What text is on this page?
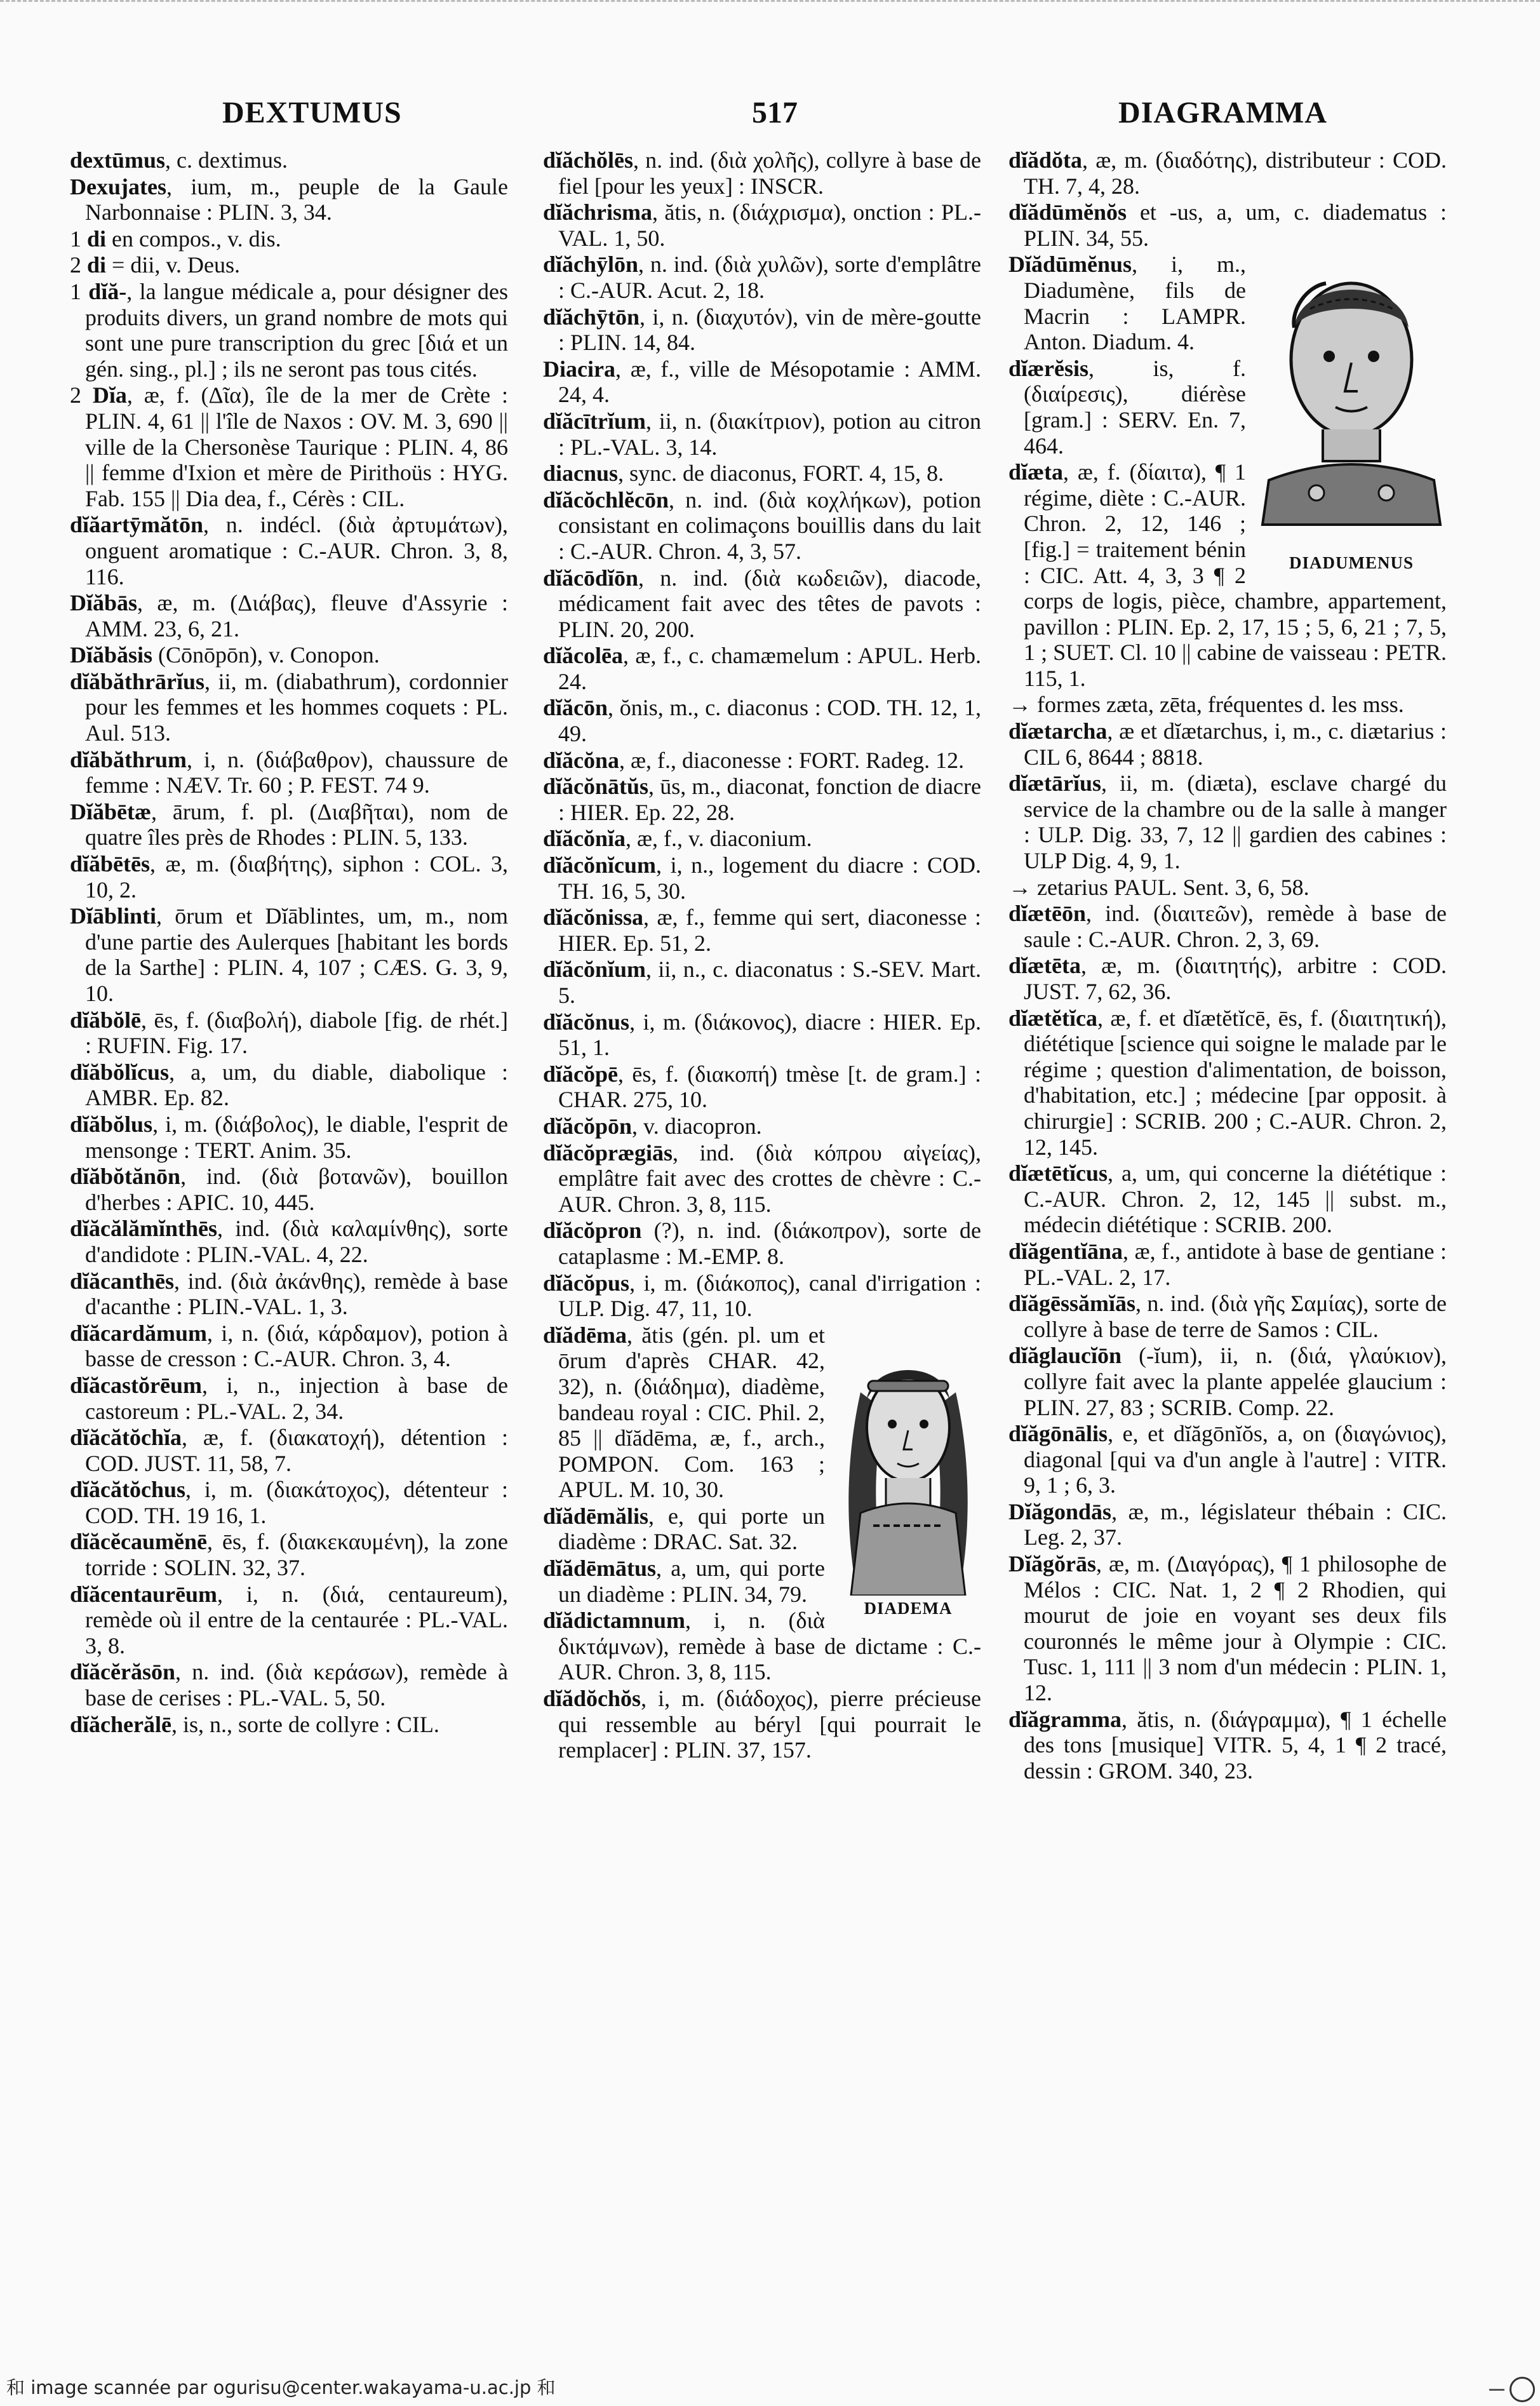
DEXTUMUS	517	DIAGRAMMA

dextūmus, c. dextimus.

Dexujates, ium, m., peuple de la Gaule Narbonnaise : PLIN. 3, 34.

1 di en compos., v. dis.

2 di = dii, v. Deus.

1 dĭă-, la langue médicale a, pour désigner des produits divers, un grand nombre de mots qui sont une pure transcription du grec [διά et un gén. sing., pl.] ; ils ne seront pas tous cités.

2 Dĭa, æ, f. (Δῖα), île de la mer de Crète : PLIN. 4, 61 || l'île de Naxos : OV. M. 3, 690 || ville de la Chersonèse Taurique : PLIN. 4, 86 || femme d'Ixion et mère de Pirithoüs : HYG. Fab. 155 || Dia dea, f., Cérès : CIL.

dĭăartȳmătōn, n. indécl. (διὰ ἀρτυμάτων), onguent aromatique : C.-AUR. Chron. 3, 8, 116.

Dĭăbās, æ, m. (Διάβας), fleuve d'Assyrie : AMM. 23, 6, 21.

Dĭăbăsis (Cōnōpōn), v. Conopon.

dĭăbăthrārĭus, ii, m. (diabathrum), cordonnier pour les femmes et les hommes coquets : PL. Aul. 513.

dĭăbăthrum, i, n. (διάβαθρον), chaussure de femme : NÆV. Tr. 60 ; P. FEST. 74 9.

Dĭăbētæ, ārum, f. pl. (Διαβῆται), nom de quatre îles près de Rhodes : PLIN. 5, 133.

dĭăbētēs, æ, m. (διαβήτης), siphon : COL. 3, 10, 2.

Dĭāblinti, ōrum et Dĭāblintes, um, m., nom d'une partie des Aulerques [habitant les bords de la Sarthe] : PLIN. 4, 107 ; CÆS. G. 3, 9, 10.

dĭăbŏlē, ēs, f. (διαβολή), diabole [fig. de rhét.] : RUFIN. Fig. 17.

dĭăbŏlĭcus, a, um, du diable, diabolique : AMBR. Ep. 82.

dĭăbŏlus, i, m. (διάβολος), le diable, l'esprit de mensonge : TERT. Anim. 35.

dĭăbŏtănōn, ind. (διὰ βοτανῶν), bouillon d'herbes : APIC. 10, 445.

dĭăcălămĭnthēs, ind. (διὰ καλαμίνθης), sorte d'andidote : PLIN.-VAL. 4, 22.

dĭăcanthēs, ind. (διὰ ἀκάνθης), remède à base d'acanthe : PLIN.-VAL. 1, 3.

dĭăcardămum, i, n. (διά, κάρδαμον), potion à basse de cresson : C.-AUR. Chron. 3, 4.

dĭăcastŏrēum, i, n., injection à base de castoreum : PL.-VAL. 2, 34.

dĭăcătŏchĭa, æ, f. (διακατοχή), détention : COD. JUST. 11, 58, 7.

dĭăcătŏchus, i, m. (διακάτοχος), détenteur : COD. TH. 19 16, 1.

dĭăcĕcaumĕnē, ēs, f. (διακεκαυμένη), la zone torride : SOLIN. 32, 37.

dĭăcentaurēum, i, n. (διά, centaureum), remède où il entre de la centaurée : PL.-VAL. 3, 8.

dĭăcĕrăsōn, n. ind. (διὰ κεράσων), remède à base de cerises : PL.-VAL. 5, 50.

dĭăcherălē, is, n., sorte de collyre : CIL.

dĭăchŏlēs, n. ind. (διὰ χολῆς), collyre à base de fiel [pour les yeux] : INSCR.

dĭăchrisma, ătis, n. (διάχρισμα), onction : PL.-VAL. 1, 50.

dĭăchȳlōn, n. ind. (διὰ χυλῶν), sorte d'emplâtre : C.-AUR. Acut. 2, 18.

dĭăchȳtōn, i, n. (διαχυτόν), vin de mère-goutte : PLIN. 14, 84.

Diacira, æ, f., ville de Mésopotamie : AMM. 24, 4.

dĭăcītrĭum, ii, n. (διακίτριον), potion au citron : PL.-VAL. 3, 14.

diacnus, sync. de diaconus, FORT. 4, 15, 8.

dĭăcŏchlĕcōn, n. ind. (διὰ κοχλήκων), potion consistant en colimaçons bouillis dans du lait : C.-AUR. Chron. 4, 3, 57.

dĭăcōdĭōn, n. ind. (διὰ κωδειῶν), diacode, médicament fait avec des têtes de pavots : PLIN. 20, 200.

dĭăcolēa, æ, f., c. chamæmelum : APUL. Herb. 24.

dĭăcōn, ŏnis, m., c. diaconus : COD. TH. 12, 1, 49.

dĭăcŏna, æ, f., diaconesse : FORT. Radeg. 12.

dĭăcŏnātŭs, ūs, m., diaconat, fonction de diacre : HIER. Ep. 22, 28.

dĭăcŏnĭa, æ, f., v. diaconium.

dĭăcŏnĭcum, i, n., logement du diacre : COD. TH. 16, 5, 30.

dĭăcŏnissa, æ, f., femme qui sert, diaconesse : HIER. Ep. 51, 2.

dĭăcŏnĭum, ii, n., c. diaconatus : S.-SEV. Mart. 5.

dĭăcŏnus, i, m. (διάκονος), diacre : HIER. Ep. 51, 1.

dĭăcŏpē, ēs, f. (διακοπή) tmèse [t. de gram.] : CHAR. 275, 10.

dĭăcŏpōn, v. diacopron.

dĭăcŏprægiās, ind. (διὰ κόπρου αἰγείας), emplâtre fait avec des crottes de chèvre : C.-AUR. Chron. 3, 8, 115.

dĭăcŏpron (?), n. ind. (διάκοπρον), sorte de cataplasme : M.-EMP. 8.

dĭăcŏpus, i, m. (διάκοπος), canal d'irrigation : ULP. Dig. 47, 11, 10.

DIADEMA

dĭădēma, ătis (gén. pl. um et ōrum d'après CHAR. 42, 32), n. (διάδημα), diadème, bandeau royal : CIC. Phil. 2, 85 || dĭădēma, æ, f., arch., POMPON. Com. 163 ; APUL. M. 10, 30.

dĭădēmălis, e, qui porte un diadème : DRAC. Sat. 32.

dĭădēmātus, a, um, qui porte un diadème : PLIN. 34, 79.

dĭădictamnum, i, n. (διὰ δικτάμνων), remède à base de dictame : C.-AUR. Chron. 3, 8, 115.

dĭădŏchŏs, i, m. (διάδοχος), pierre précieuse qui ressemble au béryl [qui pourrait le remplacer] : PLIN. 37, 157.

dĭădŏta, æ, m. (διαδότης), distributeur : COD. TH. 7, 4, 28.

dĭădūmĕnŏs et -us, a, um, c. diadematus : PLIN. 34, 55.

DIADUMENUS

Dĭădūmĕnus, i, m., Diadumène, fils de Macrin : LAMPR. Anton. Diadum. 4.

dĭærĕsis, is, f. (διαίρεσις), diérèse [gram.] : SERV. En. 7, 464.

dĭæta, æ, f. (δίαιτα), ¶ 1 régime, diète : C.-AUR. Chron. 2, 12, 146 ; [fig.] = traitement bénin : CIC. Att. 4, 3, 3 ¶ 2 corps de logis, pièce, chambre, appartement, pavillon : PLIN. Ep. 2, 17, 15 ; 5, 6, 21 ; 7, 5, 1 ; SUET. Cl. 10 || cabine de vaisseau : PETR. 115, 1.

→ formes zæta, zēta, fréquentes d. les mss.

dĭætarcha, æ et dĭætarchus, i, m., c. diætarius : CIL 6, 8644 ; 8818.

dĭætārĭus, ii, m. (diæta), esclave chargé du service de la chambre ou de la salle à manger : ULP. Dig. 33, 7, 12 || gardien des cabines : ULP Dig. 4, 9, 1.

→ zetarius PAUL. Sent. 3, 6, 58.

dĭætēōn, ind. (διαιτεῶν), remède à base de saule : C.-AUR. Chron. 2, 3, 69.

dĭætēta, æ, m. (διαιτητής), arbitre : COD. JUST. 7, 62, 36.

dĭætĕtĭca, æ, f. et dĭætĕtĭcē, ēs, f. (διαιτητική), diététique [science qui soigne le malade par le régime ; question d'alimentation, de boisson, d'habitation, etc.] ; médecine [par opposit. à chirurgie] : SCRIB. 200 ; C.-AUR. Chron. 2, 12, 145.

dĭætētĭcus, a, um, qui concerne la diététique : C.-AUR. Chron. 2, 12, 145 || subst. m., médecin diététique : SCRIB. 200.

dĭăgentĭāna, æ, f., antidote à base de gentiane : PL.-VAL. 2, 17.

dĭăgēssămĭās, n. ind. (διὰ γῆς Σαμίας), sorte de collyre à base de terre de Samos : CIL.

dĭăglaucĭōn (-ĭum), ii, n. (διά, γλαύκιον), collyre fait avec la plante appelée glaucium : PLIN. 27, 83 ; SCRIB. Comp. 22.

dĭăgōnālis, e, et dĭăgōnĭŏs, a, on (διαγώνιος), diagonal [qui va d'un angle à l'autre] : VITR. 9, 1 ; 6, 3.

Dĭăgondās, æ, m., législateur thébain : CIC. Leg. 2, 37.

Dĭăgŏrās, æ, m. (Διαγόρας), ¶ 1 philosophe de Mélos : CIC. Nat. 1, 2 ¶ 2 Rhodien, qui mourut de joie en voyant ses deux fils couronnés le même jour à Olympie : CIC. Tusc. 1, 111 || 3 nom d'un médecin : PLIN. 1, 12.

dĭăgramma, ătis, n. (διάγραμμα), ¶ 1 échelle des tons [musique] VITR. 5, 4, 1 ¶ 2 tracé, dessin : GROM. 340, 23.

和 image scannée par ogurisu@center.wakayama-u.ac.jp 和
